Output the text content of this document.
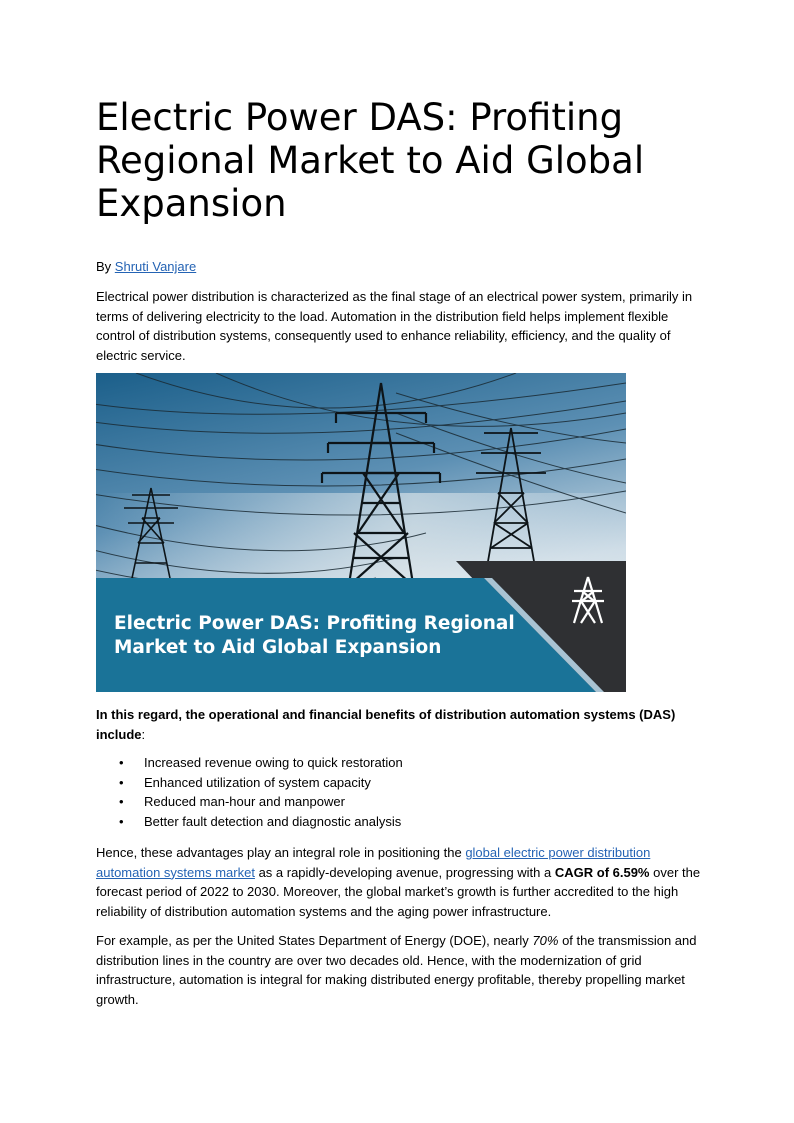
Electric Power DAS: Profiting Regional Market to Aid Global Expansion
By Shruti Vanjare
Electrical power distribution is characterized as the final stage of an electrical power system, primarily in terms of delivering electricity to the load. Automation in the distribution field helps implement flexible control of distribution systems, consequently used to enhance reliability, efficiency, and the quality of electric service.
Electric Power DAS: Profiting Regional
Market to Aid Global Expansion
In this regard, the operational and financial benefits of distribution automation systems (DAS) include:
• Increased revenue owing to quick restoration
• Enhanced utilization of system capacity
• Reduced man-hour and manpower
• Better fault detection and diagnostic analysis
Hence, these advantages play an integral role in positioning the global electric power distribution automation systems market as a rapidly-developing avenue, progressing with a CAGR of 6.59% over the forecast period of 2022 to 2030. Moreover, the global market’s growth is further accredited to the high reliability of distribution automation systems and the aging power infrastructure.
For example, as per the United States Department of Energy (DOE), nearly 70% of the transmission and distribution lines in the country are over two decades old. Hence, with the modernization of grid infrastructure, automation is integral for making distributed energy profitable, thereby propelling market growth.
